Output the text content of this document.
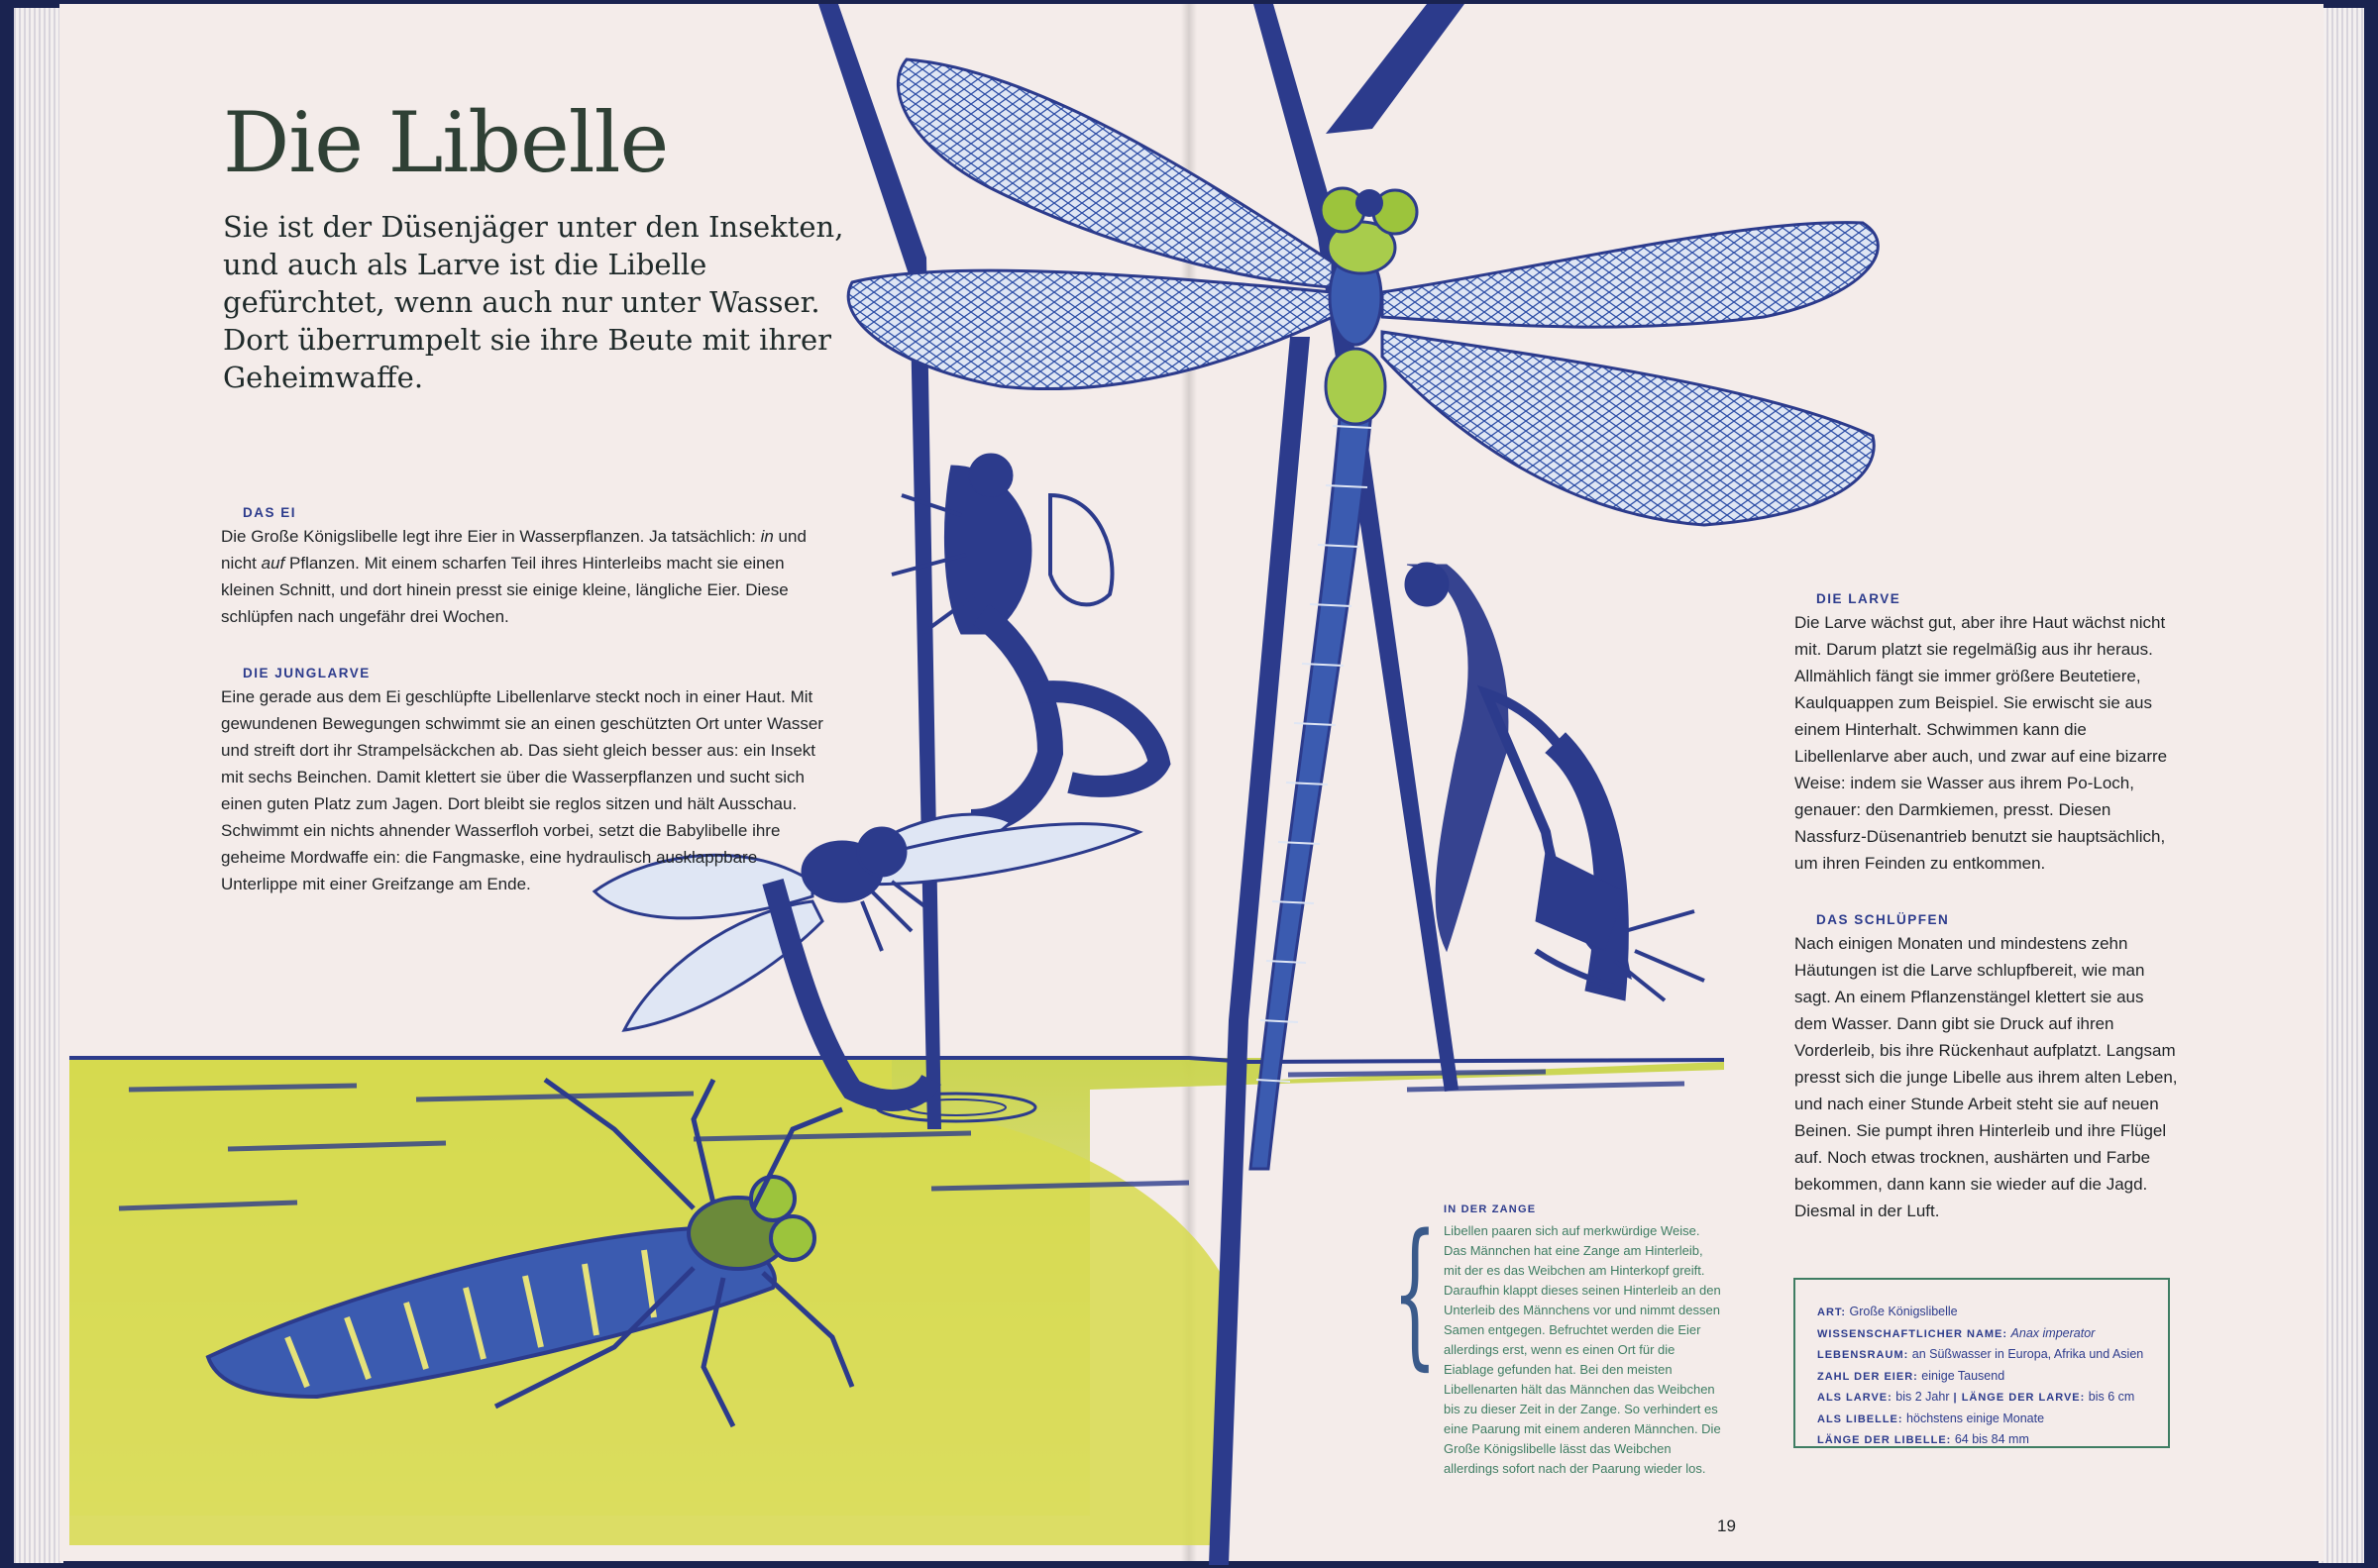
Die Libelle

Sie ist der Düsenjäger unter den Insekten, und auch als Larve ist die Libelle gefürchtet, wenn auch nur unter Wasser. Dort überrumpelt sie ihre Beute mit ihrer Geheimwaffe.

DAS EI

Die Große Königslibelle legt ihre Eier in Wasserpflanzen. Ja tatsächlich: in und nicht auf Pflanzen. Mit einem scharfen Teil ihres Hinterleibs macht sie einen kleinen Schnitt, und dort hinein presst sie einige kleine, längliche Eier. Diese schlüpfen nach ungefähr drei Wochen.

DIE JUNGLARVE

Eine gerade aus dem Ei geschlüpfte Libellenlarve steckt noch in einer Haut. Mit gewundenen Bewegungen schwimmt sie an einen geschützten Ort unter Wasser und streift dort ihr Strampelsäckchen ab. Das sieht gleich besser aus: ein Insekt mit sechs Beinchen. Damit klettert sie über die Wasserpflanzen und sucht sich einen guten Platz zum Jagen. Dort bleibt sie reglos sitzen und hält Ausschau. Schwimmt ein nichts ahnender Wasserfloh vorbei, setzt die Babylibelle ihre geheime Mordwaffe ein: die Fangmaske, eine hydraulisch ausklappbare Unterlippe mit einer Greifzange am Ende.

DIE LARVE

Die Larve wächst gut, aber ihre Haut wächst nicht mit. Darum platzt sie regelmäßig aus ihr heraus. Allmählich fängt sie immer größere Beutetiere, Kaulquappen zum Beispiel. Sie erwischt sie aus einem Hinterhalt. Schwimmen kann die Libellenlarve aber auch, und zwar auf eine bizarre Weise: indem sie Wasser aus ihrem Po-Loch, genauer: den Darmkiemen, presst. Diesen Nassfurz-Düsenantrieb benutzt sie hauptsächlich, um ihren Feinden zu entkommen.

DAS SCHLÜPFEN

Nach einigen Monaten und mindestens zehn Häutungen ist die Larve schlupfbereit, wie man sagt. An einem Pflanzenstängel klettert sie aus dem Wasser. Dann gibt sie Druck auf ihren Vorderleib, bis ihre Rückenhaut aufplatzt. Langsam presst sich die junge Libelle aus ihrem alten Leben, und nach einer Stunde Arbeit steht sie auf neuen Beinen. Sie pumpt ihren Hinterleib und ihre Flügel auf. Noch etwas trocknen, aushärten und Farbe bekommen, dann kann sie wieder auf die Jagd. Diesmal in der Luft.

{ IN DER ZANGE
Libellen paaren sich auf merkwürdige Weise. Das Männchen hat eine Zange am Hinterleib, mit der es das Weibchen am Hinterkopf greift. Daraufhin klappt dieses seinen Hinterleib an den Unterleib des Männchens vor und nimmt dessen Samen entgegen. Befruchtet werden die Eier allerdings erst, wenn es einen Ort für die Eiablage gefunden hat. Bei den meisten Libellenarten hält das Männchen das Weibchen bis zu dieser Zeit in der Zange. So verhindert es eine Paarung mit einem anderen Männchen. Die Große Königslibelle lässt das Weibchen allerdings sofort nach der Paarung wieder los.
ART: Große Königslibelle
WISSENSCHAFTLICHER NAME: Anax imperator
LEBENSRAUM: an Süßwasser in Europa, Afrika und Asien
ZAHL DER EIER: einige Tausend
ALS LARVE: bis 2 Jahr | LÄNGE DER LARVE: bis 6 cm
ALS LIBELLE: höchstens einige Monate
LÄNGE DER LIBELLE: 64 bis 84 mm
19
